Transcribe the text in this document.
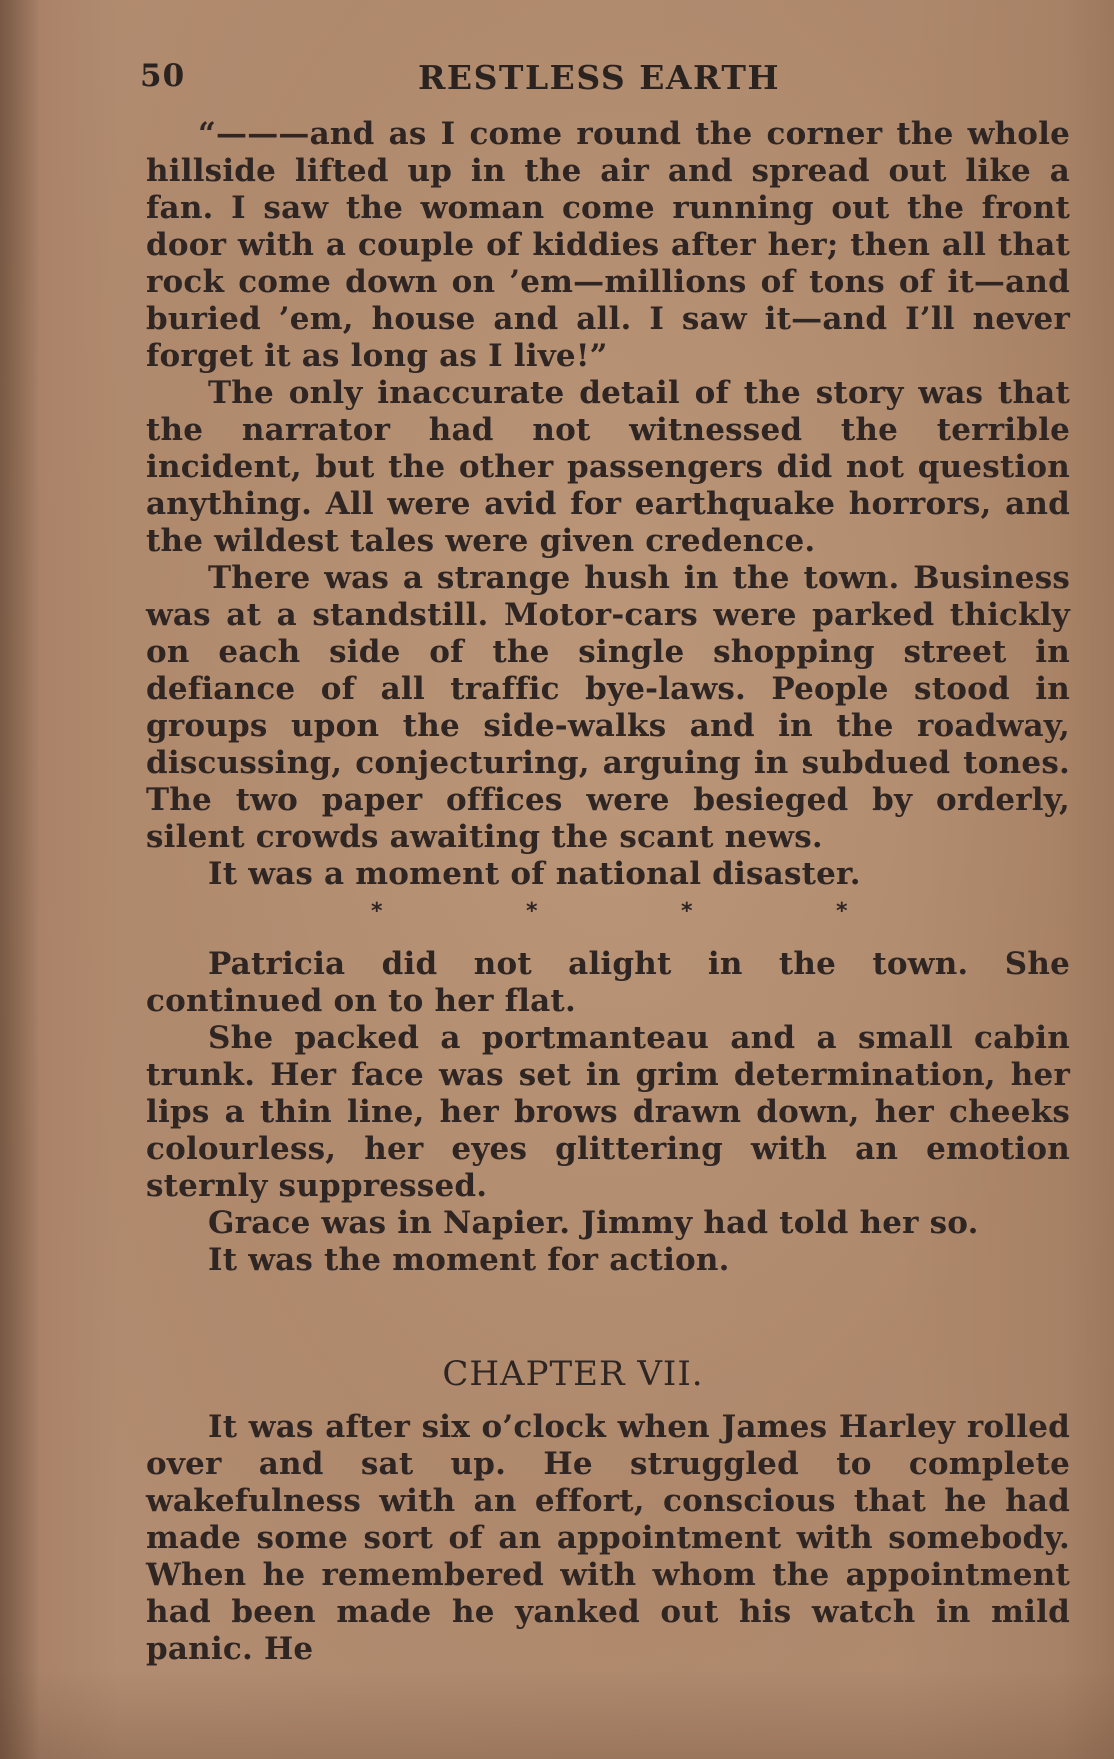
50	RESTLESS EARTH

“———and as I come round the corner the whole hillside lifted up in the air and spread out like a fan. I saw the woman come running out the front door with a couple of kiddies after her; then all that rock come down on ’em—millions of tons of it—and buried ’em, house and all. I saw it—and I’ll never forget it as long as I live!”

The only inaccurate detail of the story was that the narrator had not witnessed the terrible incident, but the other passengers did not question anything. All were avid for earthquake horrors, and the wildest tales were given credence.

There was a strange hush in the town. Business was at a standstill. Motor-cars were parked thickly on each side of the single shopping street in defiance of all traffic bye-laws. People stood in groups upon the side-walks and in the roadway, discussing, conjecturing, arguing in subdued tones. The two paper offices were besieged by orderly, silent crowds awaiting the scant news.

It was a moment of national disaster.

*	*	*	*

Patricia did not alight in the town. She continued on to her flat.

She packed a portmanteau and a small cabin trunk. Her face was set in grim determination, her lips a thin line, her brows drawn down, her cheeks colourless, her eyes glittering with an emotion sternly suppressed.

Grace was in Napier. Jimmy had told her so.

It was the moment for action.

CHAPTER VII.

It was after six o’clock when James Harley rolled over and sat up. He struggled to complete wakefulness with an effort, conscious that he had made some sort of an appointment with somebody. When he remembered with whom the appointment had been made he yanked out his watch in mild panic. He
